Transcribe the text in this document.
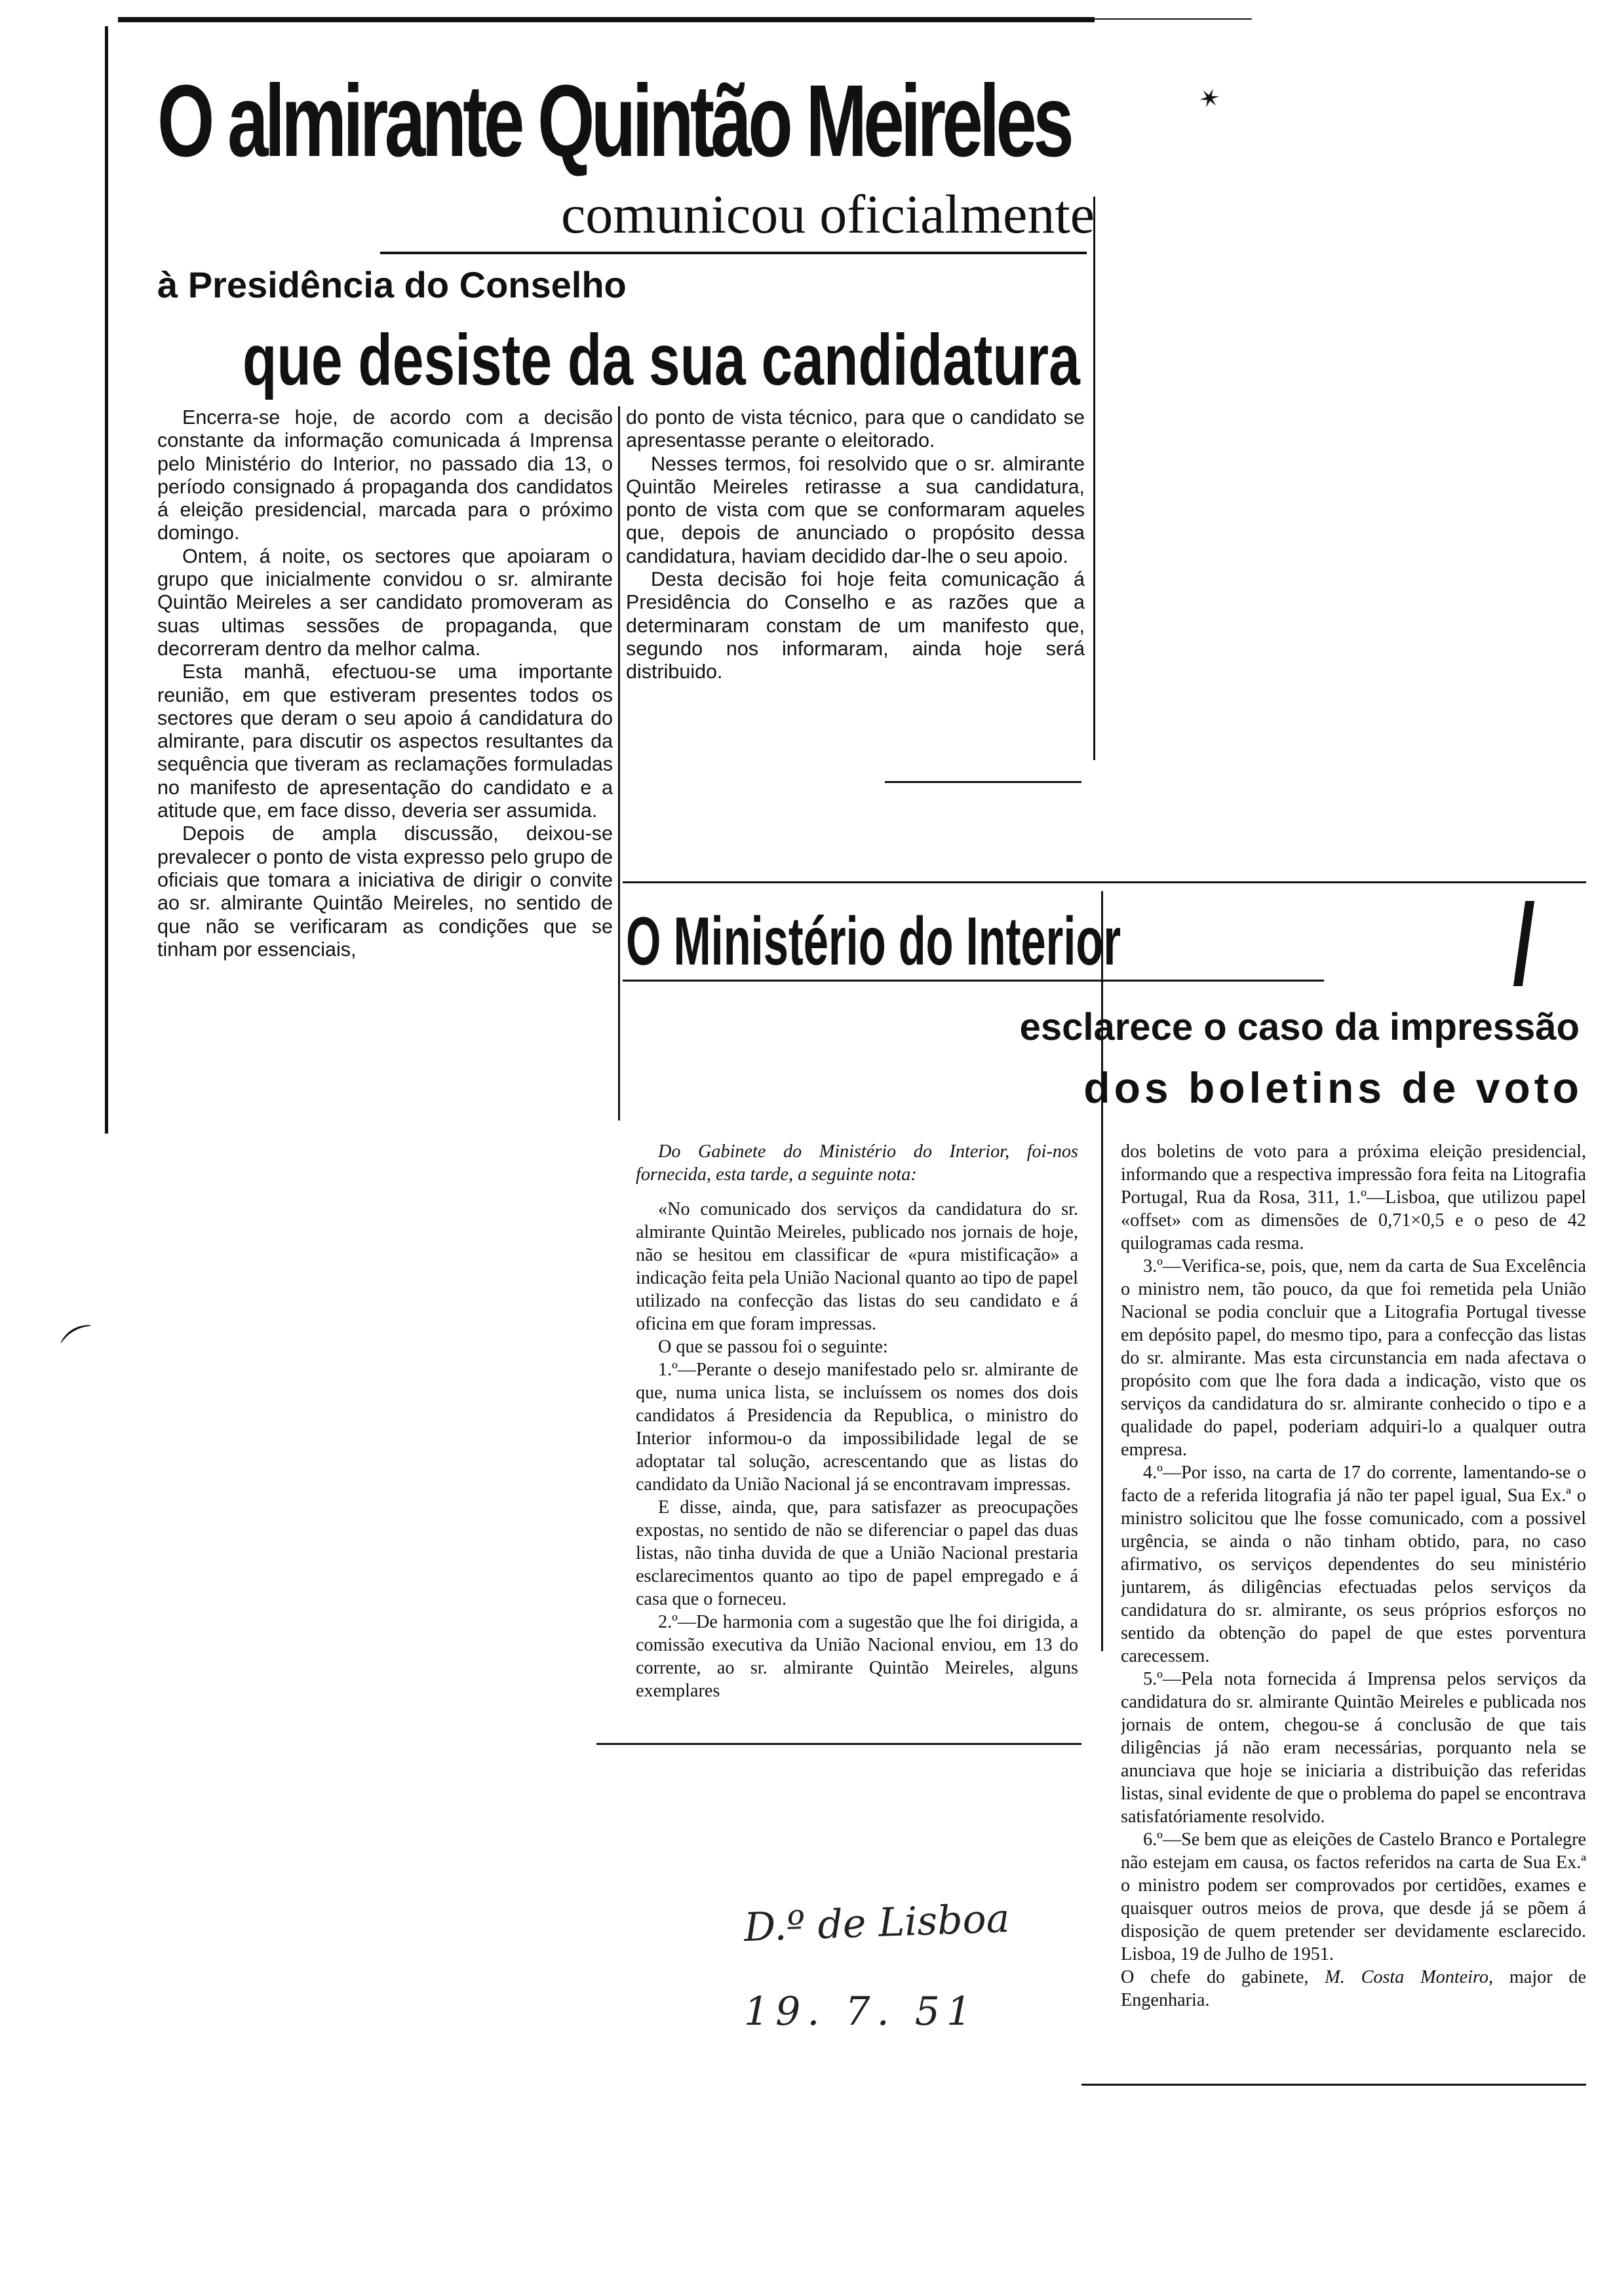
O almirante Quintão Meireles
comunicou oficialmente
à Presidência do Conselho
que desiste da sua candidatura

Encerra-se hoje, de acordo com a decisão constante da informação comunicada á Imprensa pelo Ministério do Interior, no passado dia 13, o período consignado á propaganda dos candidatos á eleição presidencial, marcada para o próximo domingo.

Ontem, á noite, os sectores que apoiaram o grupo que inicialmente convidou o sr. almirante Quintão Meireles a ser candidato promoveram as suas ultimas sessões de propaganda, que decorreram dentro da melhor calma.

Esta manhã, efectuou-se uma importante reunião, em que estiveram presentes todos os sectores que deram o seu apoio á candidatura do almirante, para discutir os aspectos resultantes da sequência que tiveram as reclamações formuladas no manifesto de apresentação do candidato e a atitude que, em face disso, deveria ser assumida.

Depois de ampla discussão, deixou-se prevalecer o ponto de vista expresso pelo grupo de oficiais que tomara a iniciativa de dirigir o convite ao sr. almirante Quintão Meireles, no sentido de que não se verificaram as condições que se tinham por essenciais,

do ponto de vista técnico, para que o candidato se apresentasse perante o eleitorado.

Nesses termos, foi resolvido que o sr. almirante Quintão Meireles retirasse a sua candidatura, ponto de vista com que se conformaram aqueles que, depois de anunciado o propósito dessa candidatura, haviam decidido dar-lhe o seu apoio.

Desta decisão foi hoje feita comunicação á Presidência do Conselho e as razões que a determinaram constam de um manifesto que, segundo nos informaram, ainda hoje será distribuido.

O Ministério do Interior
esclarece o caso da impressão
dos boletins de voto

Do Gabinete do Ministério do Interior, foi-nos fornecida, esta tarde, a seguinte nota:

«No comunicado dos serviços da candidatura do sr. almirante Quintão Meireles, publicado nos jornais de hoje, não se hesitou em classificar de «pura mistificação» a indicação feita pela União Nacional quanto ao tipo de papel utilizado na confecção das listas do seu candidato e á oficina em que foram impressas.

O que se passou foi o seguinte:

1.º—Perante o desejo manifestado pelo sr. almirante de que, numa unica lista, se incluíssem os nomes dos dois candidatos á Presidencia da Republica, o ministro do Interior informou-o da impossibilidade legal de se adoptatar tal solução, acrescentando que as listas do candidato da União Nacional já se encontravam impressas.

E disse, ainda, que, para satisfazer as preocupações expostas, no sentido de não se diferenciar o papel das duas listas, não tinha duvida de que a União Nacional prestaria esclarecimentos quanto ao tipo de papel empregado e á casa que o forneceu.

2.º—De harmonia com a sugestão que lhe foi dirigida, a comissão executiva da União Nacional enviou, em 13 do corrente, ao sr. almirante Quintão Meireles, alguns exemplares

dos boletins de voto para a próxima eleição presidencial, informando que a respectiva impressão fora feita na Litografia Portugal, Rua da Rosa, 311, 1.º—Lisboa, que utilizou papel «offset» com as dimensões de 0,71×0,5 e o peso de 42 quilogramas cada resma.

3.º—Verifica-se, pois, que, nem da carta de Sua Excelência o ministro nem, tão pouco, da que foi remetida pela União Nacional se podia concluir que a Litografia Portugal tivesse em depósito papel, do mesmo tipo, para a confecção das listas do sr. almirante. Mas esta circunstancia em nada afectava o propósito com que lhe fora dada a indicação, visto que os serviços da candidatura do sr. almirante conhecido o tipo e a qualidade do papel, poderiam adquiri-lo a qualquer outra empresa.

4.º—Por isso, na carta de 17 do corrente, lamentando-se o facto de a referida litografia já não ter papel igual, Sua Ex.ª o ministro solicitou que lhe fosse comunicado, com a possivel urgência, se ainda o não tinham obtido, para, no caso afirmativo, os serviços dependentes do seu ministério juntarem, ás diligências efectuadas pelos serviços da candidatura do sr. almirante, os seus próprios esforços no sentido da obtenção do papel de que estes porventura carecessem.

5.º—Pela nota fornecida á Imprensa pelos serviços da candidatura do sr. almirante Quintão Meireles e publicada nos jornais de ontem, chegou-se á conclusão de que tais diligências já não eram necessárias, porquanto nela se anunciava que hoje se iniciaria a distribuição das referidas listas, sinal evidente de que o problema do papel se encontrava satisfatóriamente resolvido.

6.º—Se bem que as eleições de Castelo Branco e Portalegre não estejam em causa, os factos referidos na carta de Sua Ex.ª o ministro podem ser comprovados por certidões, exames e quaisquer outros meios de prova, que desde já se põem á disposição de quem pretender ser devidamente esclarecido. Lisboa, 19 de Julho de 1951.

O chefe do gabinete, M. Costa Monteiro, major de Engenharia.

D.º de Lisboa
19. 7. 51
✶
⌒
